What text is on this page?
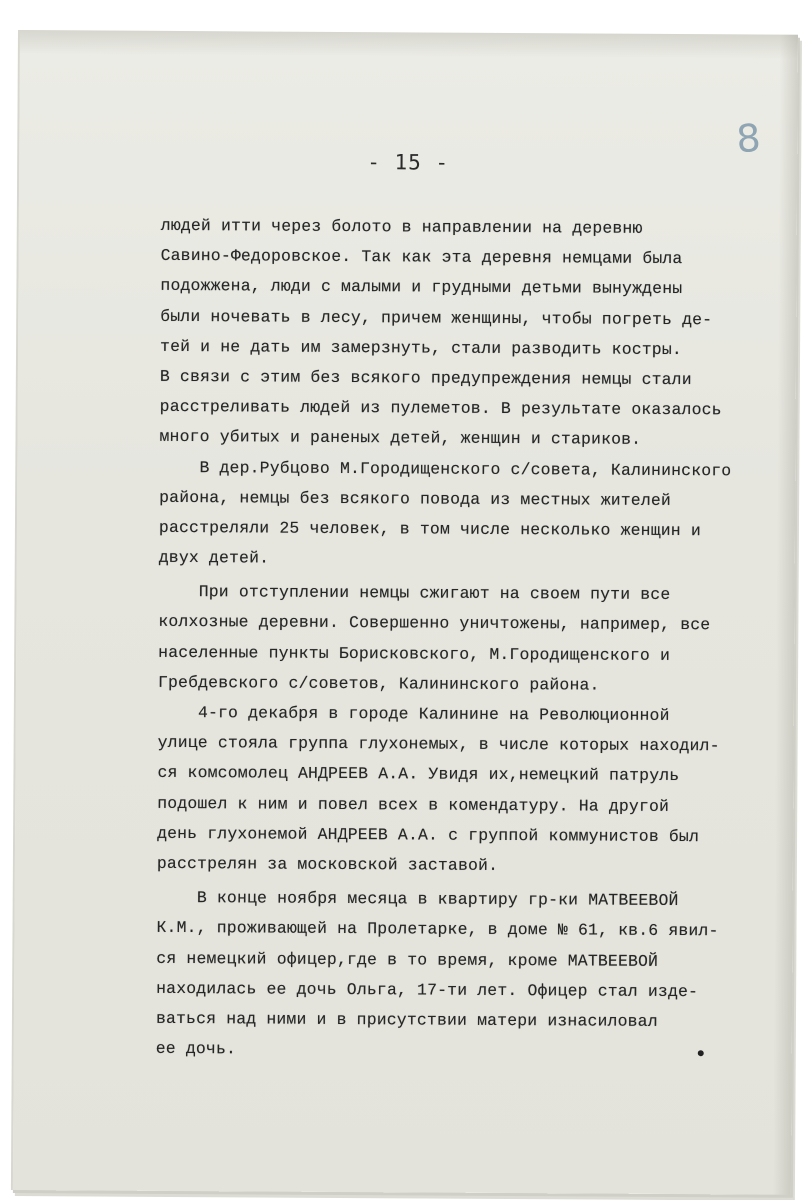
8
- 15 -
людей итти через болото в направлении на деревню
Савино-Федоровское. Так как эта деревня немцами была
подожжена, люди с малыми и грудными детьми вынуждены
были ночевать в лесу, причем женщины, чтобы погреть де-
тей и не дать им замерзнуть, стали разводить костры.
В связи с этим без всякого предупреждения немцы стали
расстреливать людей из пулеметов. В результате оказалось
много убитых и раненых детей, женщин и стариков.
В дер.Рубцово М.Городищенского с/совета, Калининского
района, немцы без всякого повода из местных жителей
расстреляли 25 человек, в том числе несколько женщин и
двух детей.
При отступлении немцы сжигают на своем пути все
колхозные деревни. Совершенно уничтожены, например, все
населенные пункты Борисковского, М.Городищенского и
Гребдевского с/советов, Калининского района.
4-го декабря в городе Калинине на Революционной
улице стояла группа глухонемых, в числе которых находил-
ся комсомолец АНДРЕЕВ А.А. Увидя их,немецкий патруль
подошел к ним и повел всех в комендатуру. На другой
день глухонемой АНДРЕЕВ А.А. с группой коммунистов был
расстрелян за московской заставой.
В конце ноября месяца в квартиру гр-ки МАТВЕЕВОЙ
К.М., проживающей на Пролетарке, в доме № 61, кв.6 явил-
ся немецкий офицер,где в то время, кроме МАТВЕЕВОЙ
находилась ее дочь Ольга, 17-ти лет. Офицер стал изде-
ваться над ними и в присутствии матери изнасиловал
ее дочь.
